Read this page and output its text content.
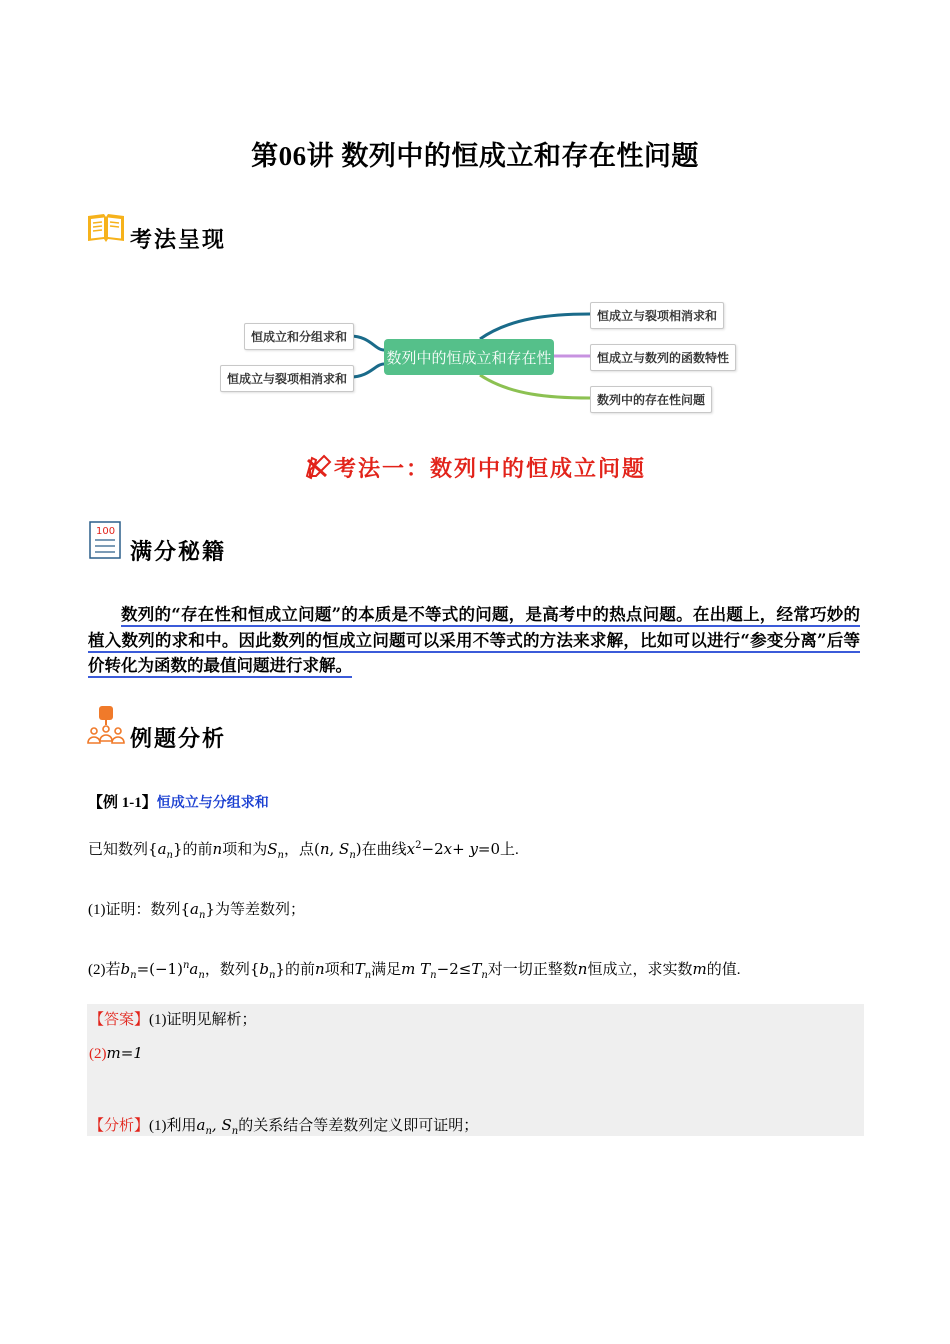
第06讲 数列中的恒成立和存在性问题
考法呈现
恒成立和分组求和
恒成立与裂项相消求和
数列中的恒成立和存在性
恒成立与裂项相消求和
恒成立与数列的函数特性
数列中的存在性问题
考法一：数列中的恒成立问题
100
满分秘籍
数列的“存在性和恒成立问题”的本质是不等式的问题，是高考中的热点问题。在出题上，经常巧妙的植入数列的求和中。因此数列的恒成立问题可以采用不等式的方法来求解，比如可以进行“参变分离”后等价转化为函数的最值问题进行求解。
例题分析
【例 1-1】恒成立与分组求和
已知数列$\{a_n\}$的前n项和为$S_n$，点(n, $S_n$)在曲线$x^2-2x+ y=0$上.
(1)证明：数列$\{a_n\}$为等差数列；
(2)若$b_n=(-1)^na_n$，数列$\{b_n\}$的前n项和$T_n$满足m $T_n-2\le T_n$对一切正整数n恒成立，求实数m的值.
【答案】(1)证明见解析；
(2)m=1
【分析】(1)利用$a_n$, $S_n$的关系结合等差数列定义即可证明；
